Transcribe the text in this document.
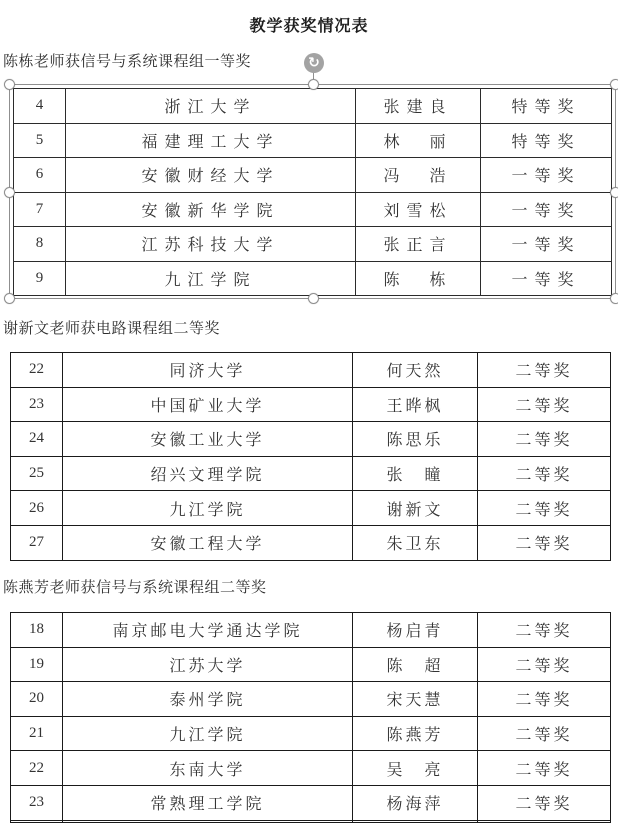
教学获奖情况表
陈栋老师获信号与系统课程组一等奖	↻
4	浙江大学	张建良	特等奖
5	福建理工大学	林　丽	特等奖
6	安徽财经大学	冯　浩	一等奖
7	安徽新华学院	刘雪松	一等奖
8	江苏科技大学	张正言	一等奖
9	九江学院	陈　栋	一等奖
谢新文老师获电路课程组二等奖
22	同济大学	何天然	二等奖
23	中国矿业大学	王晔枫	二等奖
24	安徽工业大学	陈思乐	二等奖
25	绍兴文理学院	张　瞳	二等奖
26	九江学院	谢新文	二等奖
27	安徽工程大学	朱卫东	二等奖
陈燕芳老师获信号与系统课程组二等奖
18	南京邮电大学通达学院	杨启青	二等奖
19	江苏大学	陈　超	二等奖
20	泰州学院	宋天慧	二等奖
21	九江学院	陈燕芳	二等奖
22	东南大学	吴　亮	二等奖
23	常熟理工学院	杨海萍	二等奖
